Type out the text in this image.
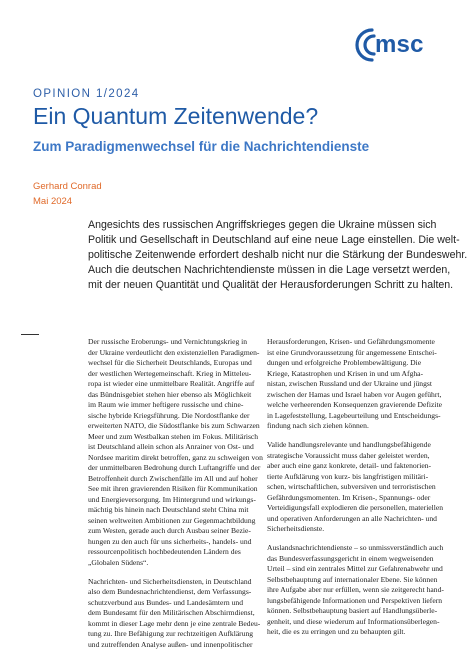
msc
OPINION 1/2024
Ein Quantum Zeitenwende?
Zum Paradigmenwechsel für die Nachrichtendienste
Gerhard Conrad
Mai 2024
Angesichts des russischen Angriffskrieges gegen die Ukraine müssen sich
Politik und Gesellschaft in Deutschland auf eine neue Lage einstellen. Die welt-
politische Zeitenwende erfordert deshalb nicht nur die Stärkung der Bundeswehr.
Auch die deutschen Nachrichtendienste müssen in die Lage versetzt werden,
mit der neuen Quantität und Qualität der Herausforderungen Schritt zu halten.
Der russische Eroberungs- und Vernichtungskrieg in
der Ukraine verdeutlicht den existenziellen Paradigmen-
wechsel für die Sicherheit Deutschlands, Europas und
der westlichen Wertegemeinschaft. Krieg in Mitteleu-
ropa ist wieder eine unmittelbare Realität. Angriffe auf
das Bündnisgebiet stehen hier ebenso als Möglichkeit
im Raum wie immer heftigere russische und chine-
sische hybride Kriegsführung. Die Nordostflanke der
erweiterten NATO, die Südostflanke bis zum Schwarzen
Meer und zum Westbalkan stehen im Fokus. Militärisch
ist Deutschland allein schon als Anrainer von Ost- und
Nordsee maritim direkt betroffen, ganz zu schweigen von
der unmittelbaren Bedrohung durch Luftangriffe und der
Betroffenheit durch Zwischenfälle im All und auf hoher
See mit ihren gravierenden Risiken für Kommunikation
und Energieversorgung. Im Hintergrund und wirkungs-
mächtig bis hinein nach Deutschland steht China mit
seinen weltweiten Ambitionen zur Gegenmachtbildung
zum Westen, gerade auch durch Ausbau seiner Bezie-
hungen zu den auch für uns sicherheits-, handels- und
ressourcenpolitisch hochbedeutenden Ländern des
„Globalen Südens“.
Nachrichten- und Sicherheitsdiensten, in Deutschland
also dem Bundesnachrichtendienst, dem Verfassungs-
schutzverbund aus Bundes- und Landesämtern und
dem Bundesamt für den Militärischen Abschirmdienst,
kommt in dieser Lage mehr denn je eine zentrale Bedeu-
tung zu. Ihre Befähigung zur rechtzeitigen Aufklärung
und zutreffenden Analyse außen- und innenpolitischer
Herausforderungen, Krisen- und Gefährdungsmomente
ist eine Grundvoraussetzung für angemessene Entschei-
dungen und erfolgreiche Problembewältigung. Die
Kriege, Katastrophen und Krisen in und um Afgha-
nistan, zwischen Russland und der Ukraine und jüngst
zwischen der Hamas und Israel haben vor Augen geführt,
welche verheerenden Konsequenzen gravierende Defizite
in Lagefeststellung, Lagebeurteilung und Entscheidungs-
findung nach sich ziehen können.
Valide handlungsrelevante und handlungsbefähigende
strategische Voraussicht muss daher geleistet werden,
aber auch eine ganz konkrete, detail- und faktenorien-
tierte Aufklärung von kurz- bis langfristigen militäri-
schen, wirtschaftlichen, subversiven und terroristischen
Gefährdungsmomenten. Im Krisen-, Spannungs- oder
Verteidigungsfall explodieren die personellen, materiellen
und operativen Anforderungen an alle Nachrichten- und
Sicherheitsdienste.
Auslandsnachrichtendienste – so unmissverständlich auch
das Bundesverfassungsgericht in einem wegweisenden
Urteil – sind ein zentrales Mittel zur Gefahrenabwehr und
Selbstbehauptung auf internationaler Ebene. Sie können
ihre Aufgabe aber nur erfüllen, wenn sie zeitgerecht hand-
lungsbefähigende Informationen und Perspektiven liefern
können. Selbstbehauptung basiert auf Handlungsüberle-
genheit, und diese wiederum auf Informationsüberlegen-
heit, die es zu erringen und zu behaupten gilt.
